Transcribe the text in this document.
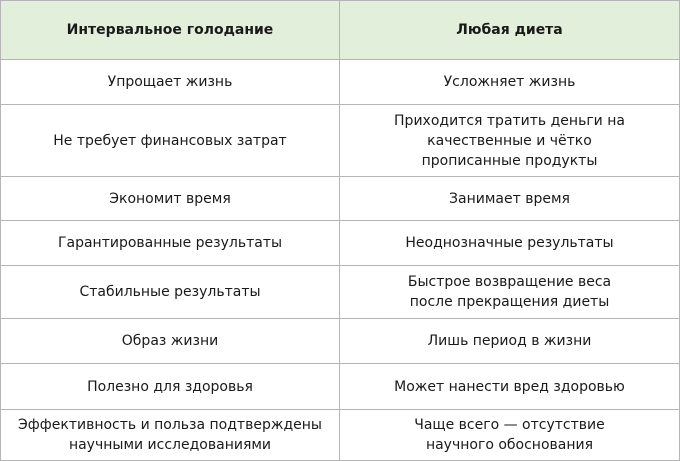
Интервальное голодание	Любая диета
Упрощает жизнь	Усложняет жизнь
Не требует финансовых затрат	Приходится тратить деньги на качественные и чётко прописанные продукты
Экономит время	Занимает время
Гарантированные результаты	Неоднозначные результаты
Стабильные результаты	Быстрое возвращение веса после прекращения диеты
Образ жизни	Лишь период в жизни
Полезно для здоровья	Может нанести вред здоровью
Эффективность и польза подтверждены научными исследованиями	Чаще всего — отсутствие научного обоснования
